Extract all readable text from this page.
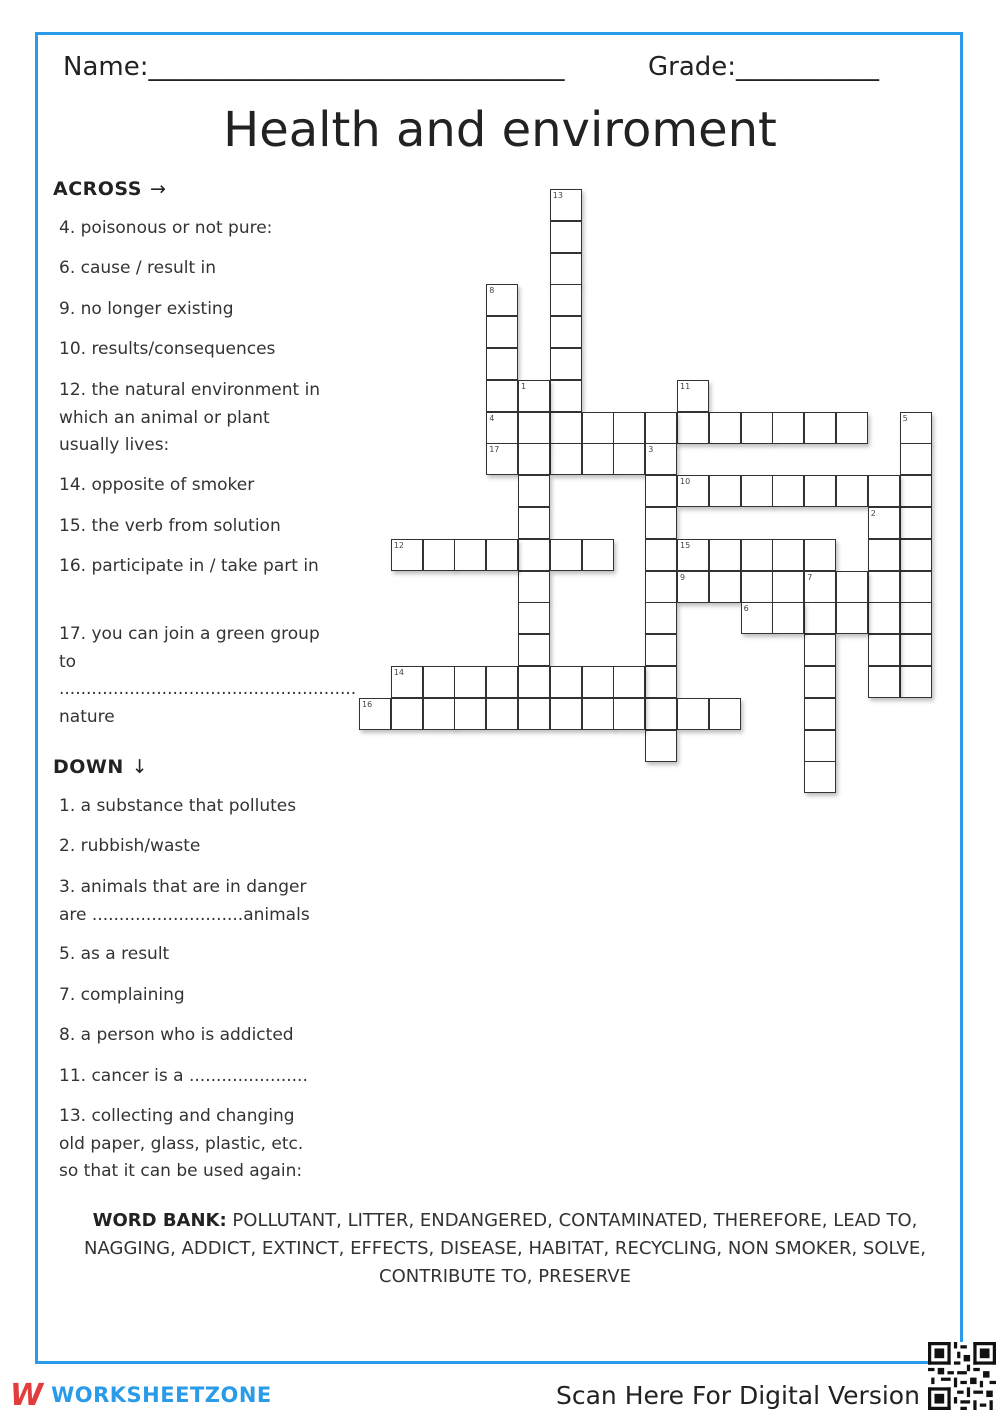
Name:________________________________	Grade:___________
Health and enviroment
ACROSS →
4. poisonous or not pure:
6. cause / result in
9. no longer existing
10. results/consequences
12. the natural environment in which an animal or plant usually lives:
14. opposite of smoker
15. the verb from solution
16. participate in / take part in
17. you can join a green group to ....................................................... nature
DOWN ↓
1. a substance that pollutes
2. rubbish/waste
3. animals that are in danger are ............................animals
5. as a result
7. complaining
8. a person who is addicted
11. cancer is a ......................
13. collecting and changing old paper, glass, plastic, etc. so that it can be used again:
13
8
4
17
1	11
5
3
10
2
12	15
9	7
6
14
16
WORD BANK: POLLUTANT, LITTER, ENDANGERED, CONTAMINATED, THEREFORE, LEAD TO, NAGGING, ADDICT, EXTINCT, EFFECTS, DISEASE, HABITAT, RECYCLING, NON SMOKER, SOLVE, CONTRIBUTE TO, PRESERVE
W WORKSHEETZONE	Scan Here For Digital Version
